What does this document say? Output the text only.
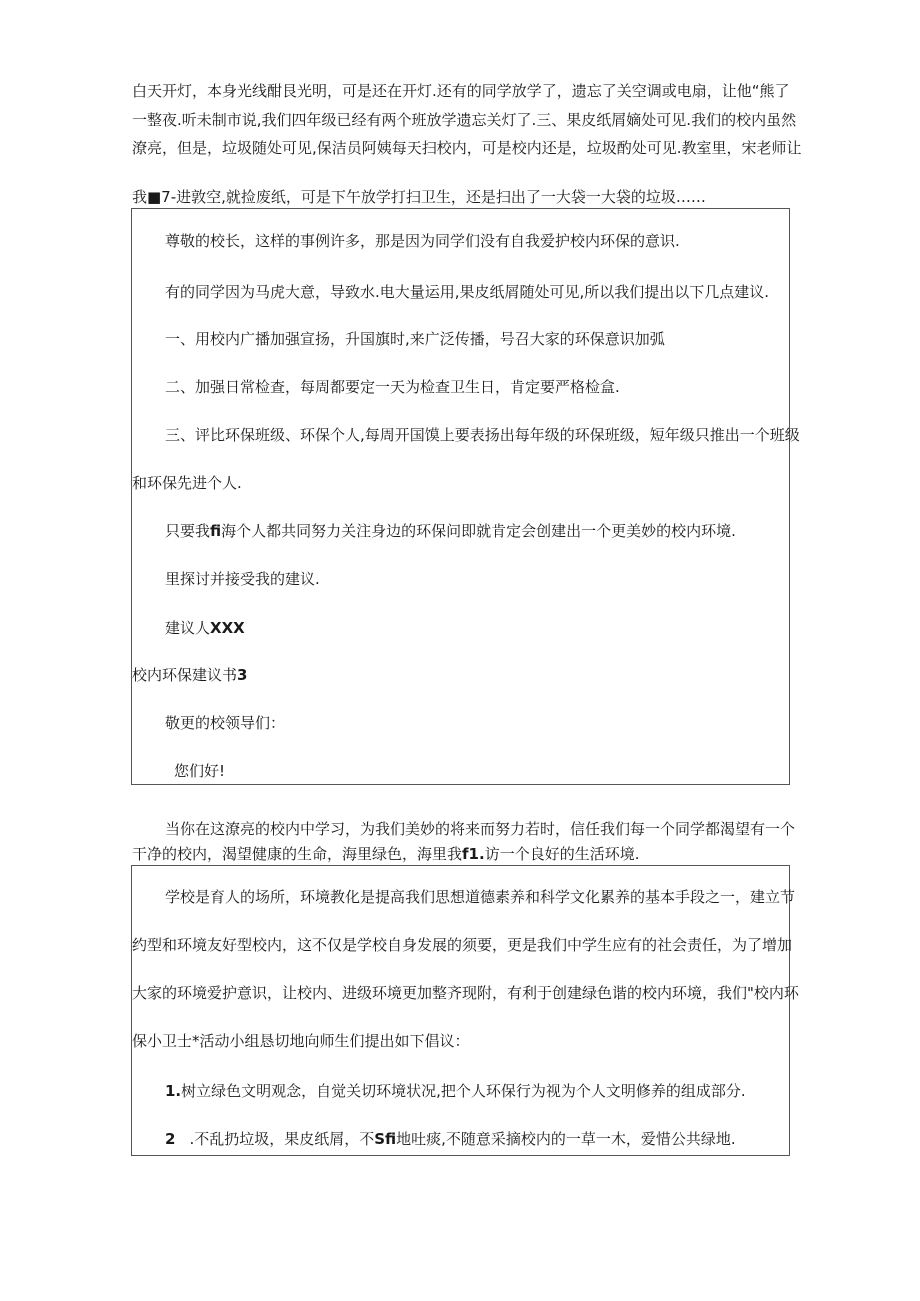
白天开灯，本身光线酣艮光明，可是还在开灯.还有的同学放学了，遗忘了关空调或电扇，让他“熊了
一整夜.听未制市说,我们四年级已经有两个班放学遗忘关灯了.三、果皮纸屑嫡处可见.我们的校内虽然
潦亮，但是，垃圾随处可见,保洁员阿姨每天扫校内，可是校内还是，垃圾酌处可见.教室里，宋老师让
我■7-进敦空,就捡废纸，可是下午放学打扫卫生，还是扫出了一大袋一大袋的垃圾……
尊敬的校长，这样的事例许多，那是因为同学们没有自我爱护校内环保的意识.
有的同学因为马虎大意，导致水.电大量运用,果皮纸屑随处可见,所以我们提出以下几点建议.
一、用校内广播加强宣扬，升国旗时,来广泛传播，号召大家的环保意识加弧
二、加强日常检查，每周都要定一天为检查卫生日，肯定要严格检盒.
三、评比环保班级、环保个人,每周开国馍上要表扬出每年级的环保班级，短年级只推出一个班级
和环保先进个人.
只要我fi海个人都共同努力关注身边的环保问即就肯定会创建出一个更美妙的校内环境.
里探讨并接受我的建议.
建议人XXX
校内环保建议书3
敬更的校领导们：
您们好!
当你在这潦亮的校内中学习，为我们美妙的将来而努力若时，信任我们每一个同学都渴望有一个
干净的校内，渴望健康的生命，海里绿色，海里我f1.访一个良好的生活环境.
学校是育人的场所，环境教化是提高我们思想道德素养和科学文化累养的基本手段之一，建立节
约型和环境友好型校内，这不仅是学校自身发展的须要，更是我们中学生应有的社会责任，为了增加
大家的环境爱护意识，让校内、进级环境更加整齐现附，有利于创建绿色谐的校内环境，我们"校内环
保小卫士*活动小组恳切地向师生们提出如下倡议：
1.树立绿色文明观念，自觉关切环境状况,把个人环保行为视为个人文明修养的组成部分.
2 .不乱扔垃圾，果皮纸屑，不Sfi地吐痰,不随意采摘校内的一草一木，爱惜公共绿地.
